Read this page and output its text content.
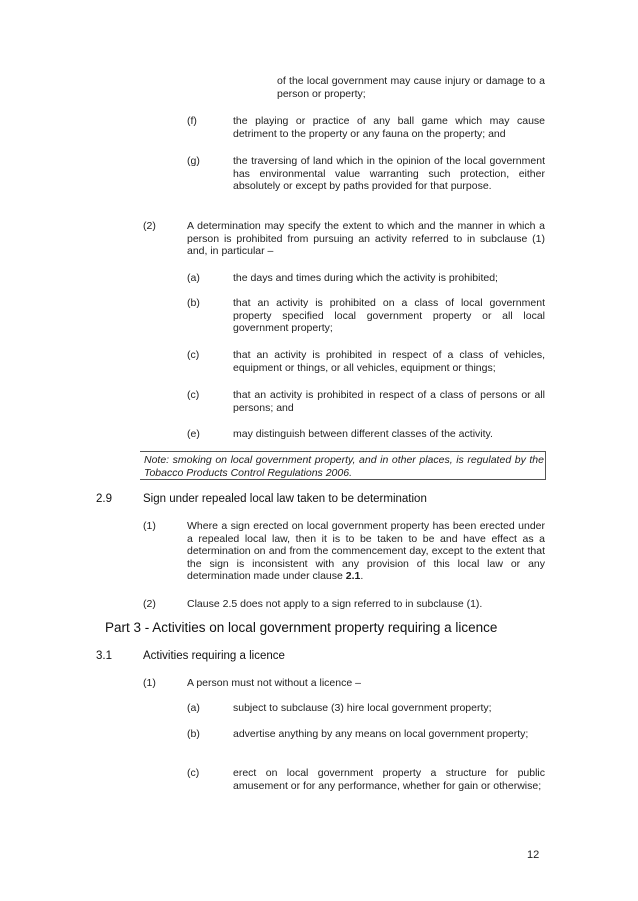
of the local government may cause injury or damage to a person or property;
(f)	the playing or practice of any ball game which may cause detriment to the property or any fauna on the property; and
(g)	the traversing of land which in the opinion of the local government has environmental value warranting such protection, either absolutely or except by paths provided for that purpose.
(2)	A determination may specify the extent to which and the manner in which a person is prohibited from pursuing an activity referred to in subclause (1) and, in particular –
(a)	the days and times during which the activity is prohibited;
(b)	that an activity is prohibited on a class of local government property specified local government property or all local government property;
(c)	that an activity is prohibited in respect of a class of vehicles, equipment or things, or all vehicles, equipment or things;
(c)	that an activity is prohibited in respect of a class of persons or all persons; and
(e)	may distinguish between different classes of the activity.
Note: smoking on local government property, and in other places, is regulated by the Tobacco Products Control Regulations 2006.
2.9	Sign under repealed local law taken to be determination
(1)	Where a sign erected on local government property has been erected under a repealed local law, then it is to be taken to be and have effect as a determination on and from the commencement day, except to the extent that the sign is inconsistent with any provision of this local law or any determination made under clause 2.1.
(2)	Clause 2.5 does not apply to a sign referred to in subclause (1).
Part 3 - Activities on local government property requiring a licence
3.1	Activities requiring a licence
(1)	A person must not without a licence –
(a)	subject to subclause (3) hire local government property;
(b)	advertise anything by any means on local government property;
(c)	erect on local government property a structure for public amusement or for any performance, whether for gain or otherwise;
12
